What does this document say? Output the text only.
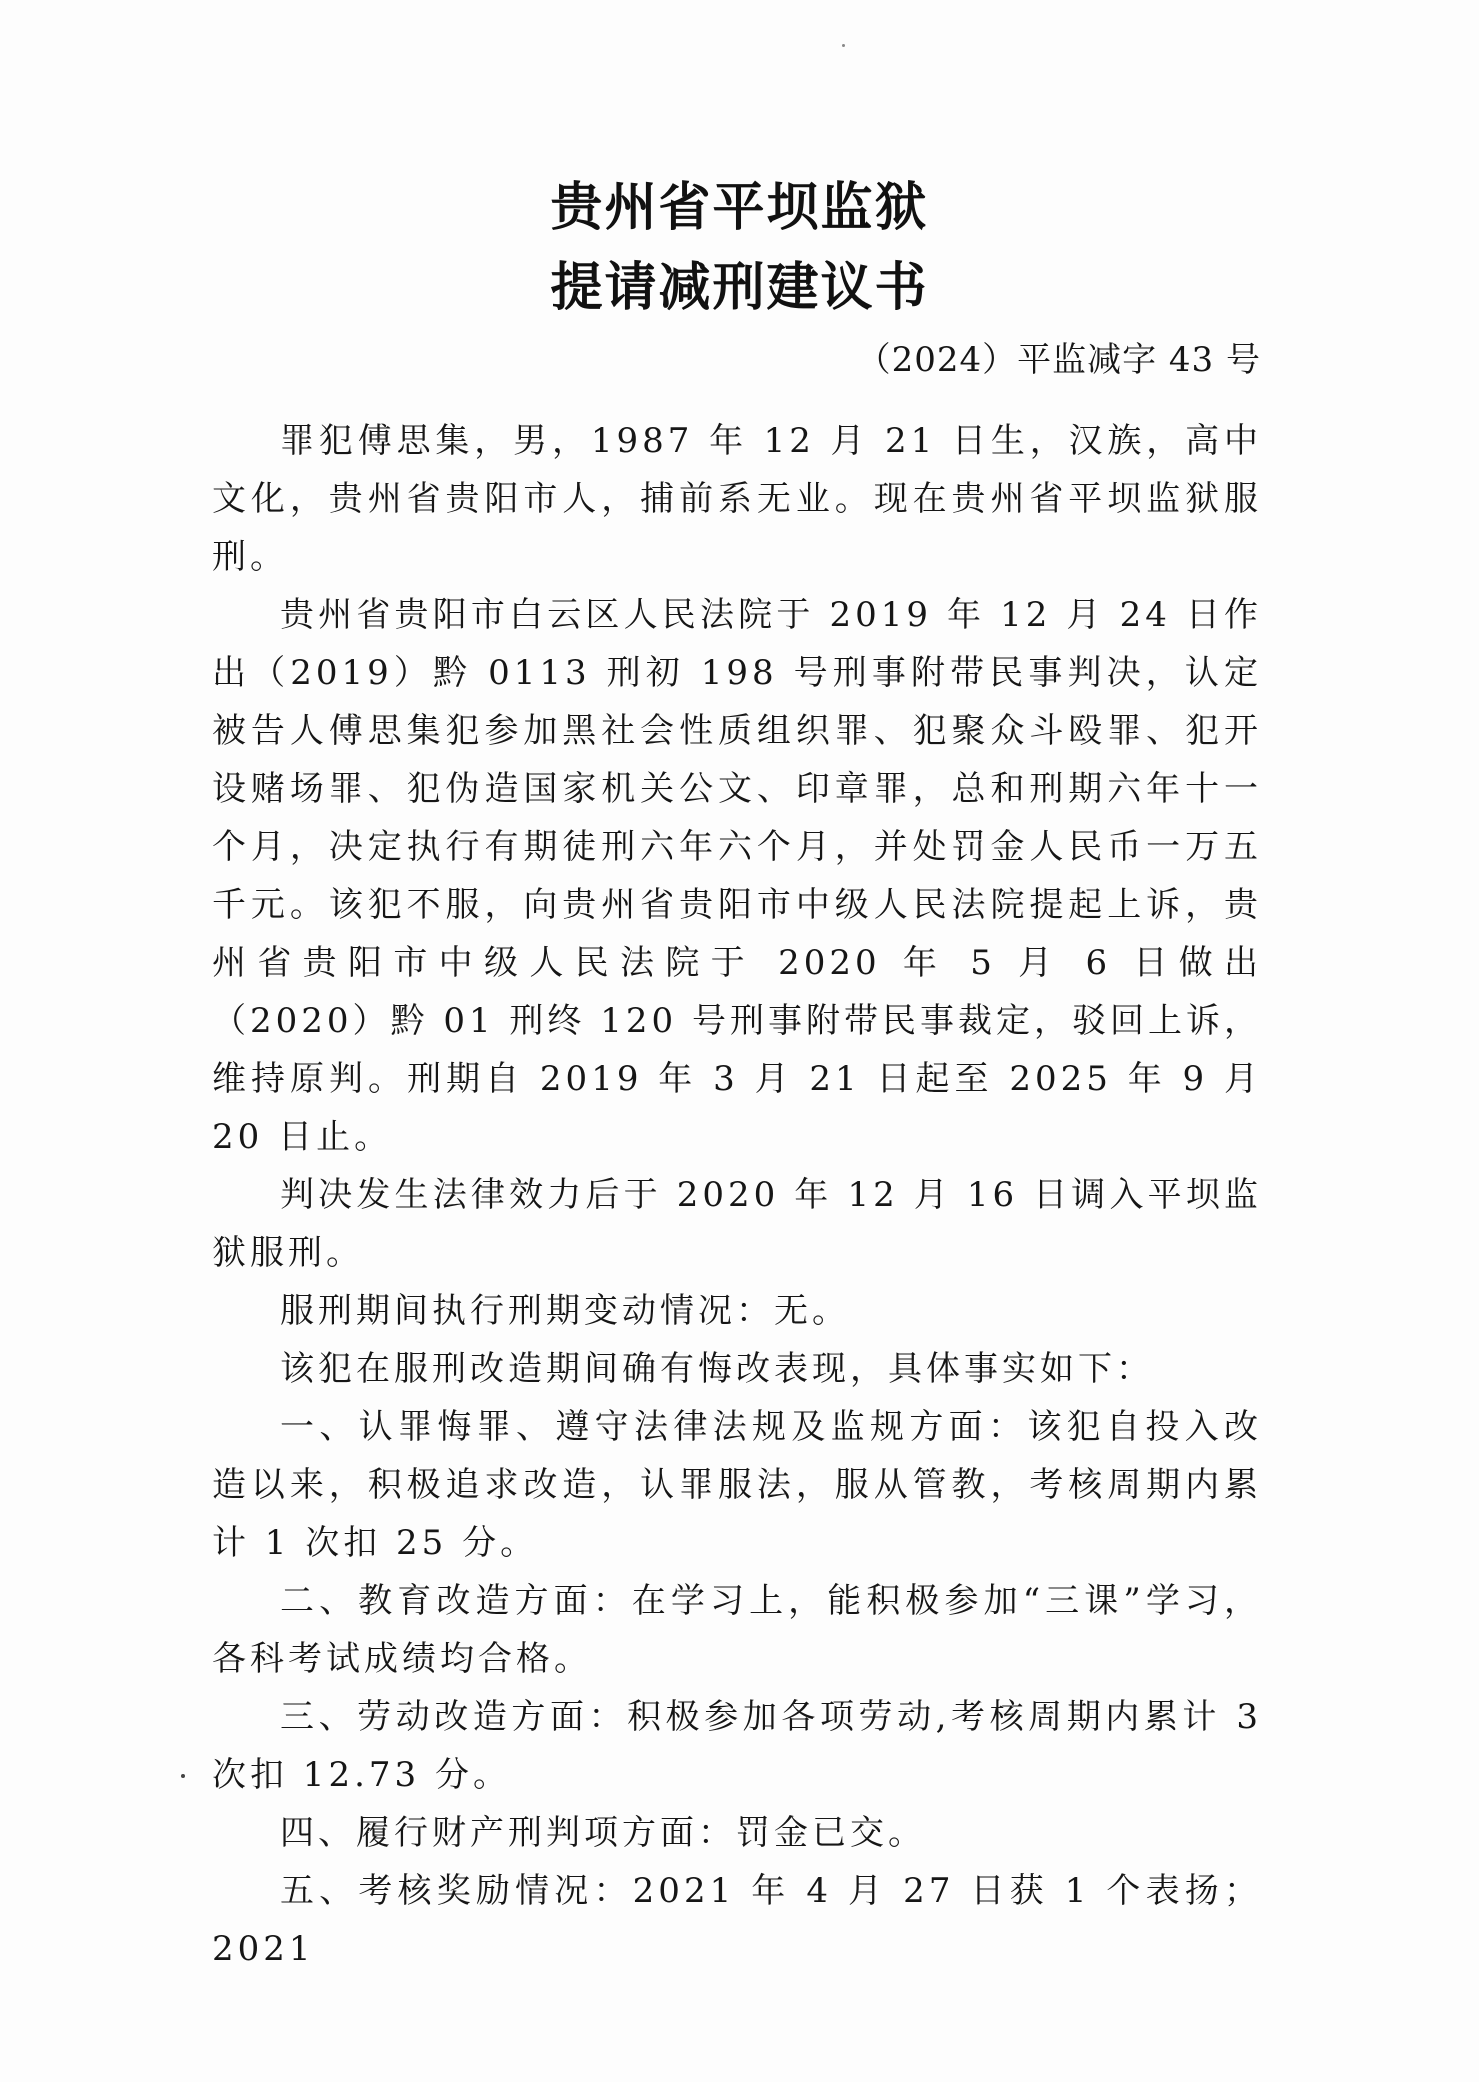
贵州省平坝监狱
提请减刑建议书
（2024）平监减字 43 号

罪犯傅思集，男，1987 年 12 月 21 日生，汉族，高中文化，贵州省贵阳市人，捕前系无业。现在贵州省平坝监狱服刑。

贵州省贵阳市白云区人民法院于 2019 年 12 月 24 日作出（2019）黔 0113 刑初 198 号刑事附带民事判决，认定被告人傅思集犯参加黑社会性质组织罪、犯聚众斗殴罪、犯开设赌场罪、犯伪造国家机关公文、印章罪，总和刑期六年十一个月，决定执行有期徒刑六年六个月，并处罚金人民币一万五千元。该犯不服，向贵州省贵阳市中级人民法院提起上诉，贵州省贵阳市中级人民法院于 2020 年 5 月 6 日做出（2020）黔 01 刑终 120 号刑事附带民事裁定，驳回上诉，维持原判。刑期自 2019 年 3 月 21 日起至 2025 年 9 月 20 日止。

判决发生法律效力后于 2020 年 12 月 16 日调入平坝监狱服刑。

服刑期间执行刑期变动情况：无。

该犯在服刑改造期间确有悔改表现，具体事实如下：

一、认罪悔罪、遵守法律法规及监规方面：该犯自投入改造以来，积极追求改造，认罪服法，服从管教，考核周期内累计 1 次扣 25 分。

二、教育改造方面：在学习上，能积极参加“三课”学习，各科考试成绩均合格。

三、劳动改造方面：积极参加各项劳动,考核周期内累计 3 次扣 12.73 分。

四、履行财产刑判项方面：罚金已交。

五、考核奖励情况：2021 年 4 月 27 日获 1 个表扬；2021
